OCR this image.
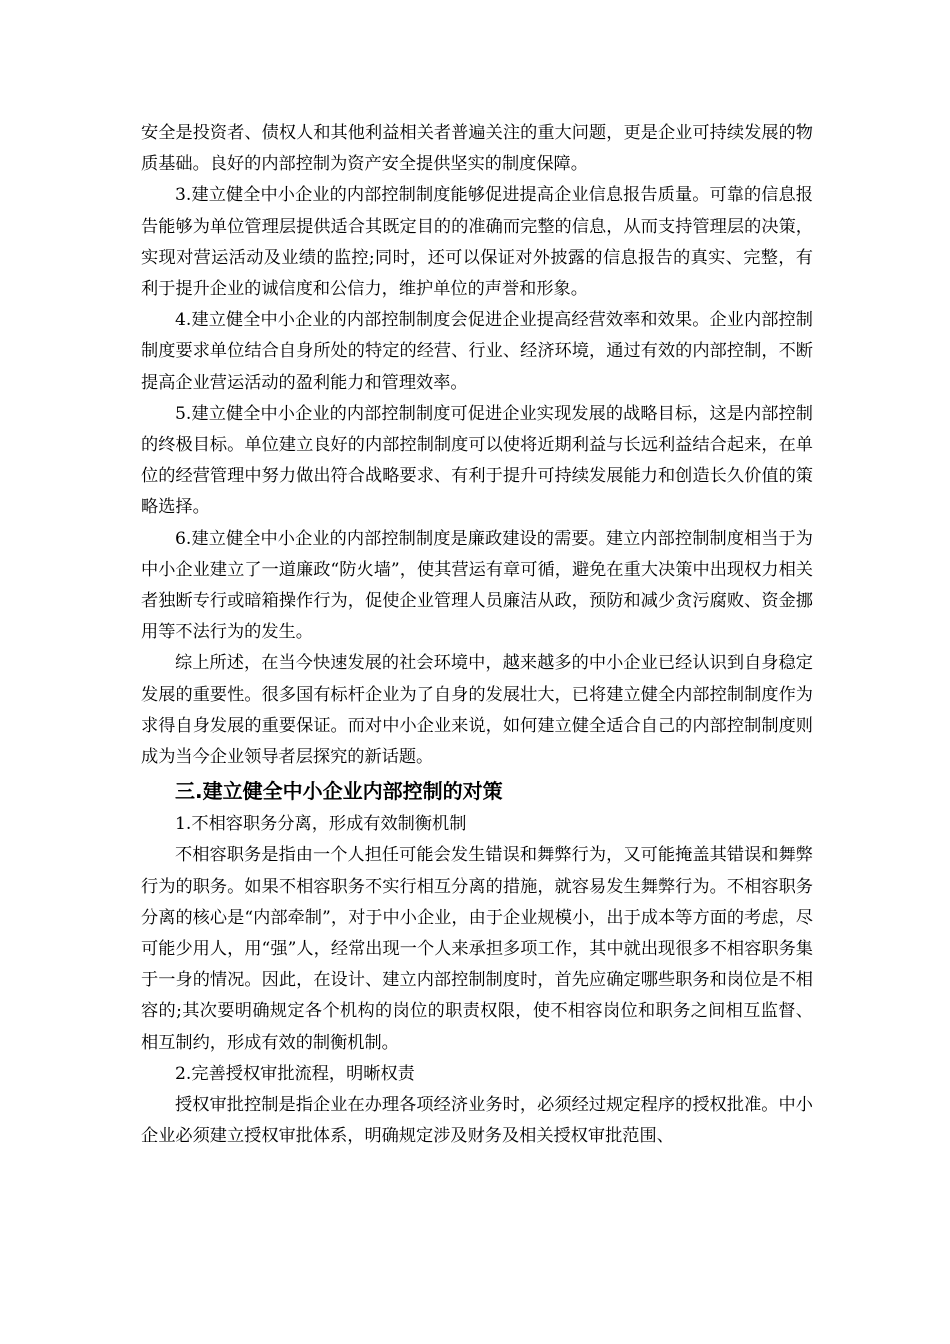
安全是投资者、债权人和其他利益相关者普遍关注的重大问题，更是企业可持续发展的物质基础。良好的内部控制为资产安全提供坚实的制度保障。

3.建立健全中小企业的内部控制制度能够促进提高企业信息报告质量。可靠的信息报告能够为单位管理层提供适合其既定目的的准确而完整的信息，从而支持管理层的决策，实现对营运活动及业绩的监控;同时，还可以保证对外披露的信息报告的真实、完整，有利于提升企业的诚信度和公信力，维护单位的声誉和形象。

4.建立健全中小企业的内部控制制度会促进企业提高经营效率和效果。企业内部控制制度要求单位结合自身所处的特定的经营、行业、经济环境，通过有效的内部控制，不断提高企业营运活动的盈利能力和管理效率。

5.建立健全中小企业的内部控制制度可促进企业实现发展的战略目标，这是内部控制的终极目标。单位建立良好的内部控制制度可以使将近期利益与长远利益结合起来，在单位的经营管理中努力做出符合战略要求、有利于提升可持续发展能力和创造长久价值的策略选择。

6.建立健全中小企业的内部控制制度是廉政建设的需要。建立内部控制制度相当于为中小企业建立了一道廉政“防火墙”，使其营运有章可循，避免在重大决策中出现权力相关者独断专行或暗箱操作行为，促使企业管理人员廉洁从政，预防和减少贪污腐败、资金挪用等不法行为的发生。

综上所述，在当今快速发展的社会环境中，越来越多的中小企业已经认识到自身稳定发展的重要性。很多国有标杆企业为了自身的发展壮大，已将建立健全内部控制制度作为求得自身发展的重要保证。而对中小企业来说，如何建立健全适合自己的内部控制制度则成为当今企业领导者层探究的新话题。

三.建立健全中小企业内部控制的对策

1.不相容职务分离，形成有效制衡机制

不相容职务是指由一个人担任可能会发生错误和舞弊行为，又可能掩盖其错误和舞弊行为的职务。如果不相容职务不实行相互分离的措施，就容易发生舞弊行为。不相容职务分离的核心是“内部牵制”，对于中小企业，由于企业规模小，出于成本等方面的考虑，尽可能少用人，用“强”人，经常出现一个人来承担多项工作，其中就出现很多不相容职务集于一身的情况。因此，在设计、建立内部控制制度时，首先应确定哪些职务和岗位是不相容的;其次要明确规定各个机构的岗位的职责权限，使不相容岗位和职务之间相互监督、相互制约，形成有效的制衡机制。

2.完善授权审批流程，明晰权责

授权审批控制是指企业在办理各项经济业务时，必须经过规定程序的授权批准。中小企业必须建立授权审批体系，明确规定涉及财务及相关授权审批范围、
